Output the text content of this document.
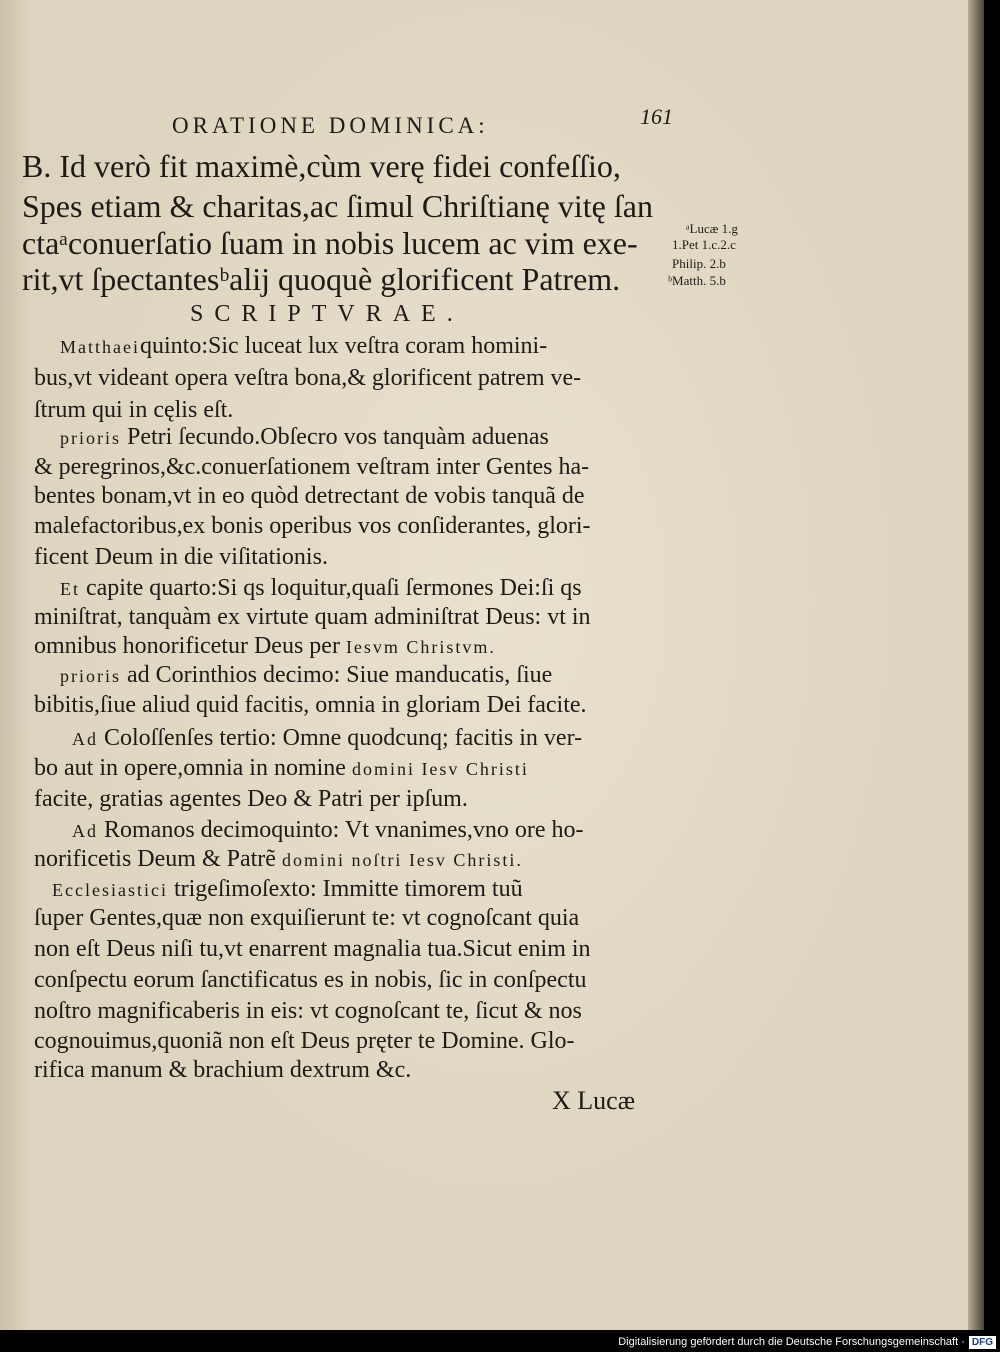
ORATIONE DOMINICA:	161
B. Id verò fit maximè,cùm verę fidei confeſſio,
Spes etiam & charitas,ac ſimul Chriſtianę vitę ſan
ctaᵃconuerſatio ſuam in nobis lucem ac vim exe-
rit,vt ſpectantesᵇalij quoquè glorificent Patrem.
ᵃLucæ 1.g
1.Pet 1.c.2.c
Philip. 2.b
ᵇMatth. 5.b
SCRIPTVRAE.
Matthaeiquinto:Sic luceat lux veſtra coram homini-
bus,vt videant opera veſtra bona,& glorificent patrem ve-
ſtrum qui in cęlis eſt.
prioris Petri ſecundo.Obſecro vos tanquàm aduenas
& peregrinos,&c.conuerſationem veſtram inter Gentes ha-
bentes bonam,vt in eo quòd detrectant de vobis tanquã de
malefactoribus,ex bonis operibus vos conſiderantes, glori-
ficent Deum in die viſitationis.
Et capite quarto:Si qs loquitur,quaſi ſermones Dei:ſi qs
miniſtrat, tanquàm ex virtute quam adminiſtrat Deus: vt in
omnibus honorificetur Deus per Iesvm Christvm.
prioris ad Corinthios decimo: Siue manducatis, ſiue
bibitis,ſiue aliud quid facitis, omnia in gloriam Dei facite.
Ad Coloſſenſes tertio: Omne quodcunq; facitis in ver-
bo aut in opere,omnia in nomine domini Iesv Christi
facite, gratias agentes Deo & Patri per ipſum.
Ad Romanos decimoquinto: Vt vnanimes,vno ore ho-
norificetis Deum & Patrẽ domini noſtri Iesv Christi.
Ecclesiastici trigeſimoſexto: Immitte timorem tuũ
ſuper Gentes,quæ non exquiſierunt te: vt cognoſcant quia
non eſt Deus niſi tu,vt enarrent magnalia tua.Sicut enim in
conſpectu eorum ſanctificatus es in nobis, ſic in conſpectu
noſtro magnificaberis in eis: vt cognoſcant te, ſicut & nos
cognouimus,quoniã non eſt Deus pręter te Domine. Glo-
rifica manum & brachium dextrum &c.
X Lucæ
Digitalisierung gefördert durch die Deutsche Forschungsgemeinschaft · DFG
